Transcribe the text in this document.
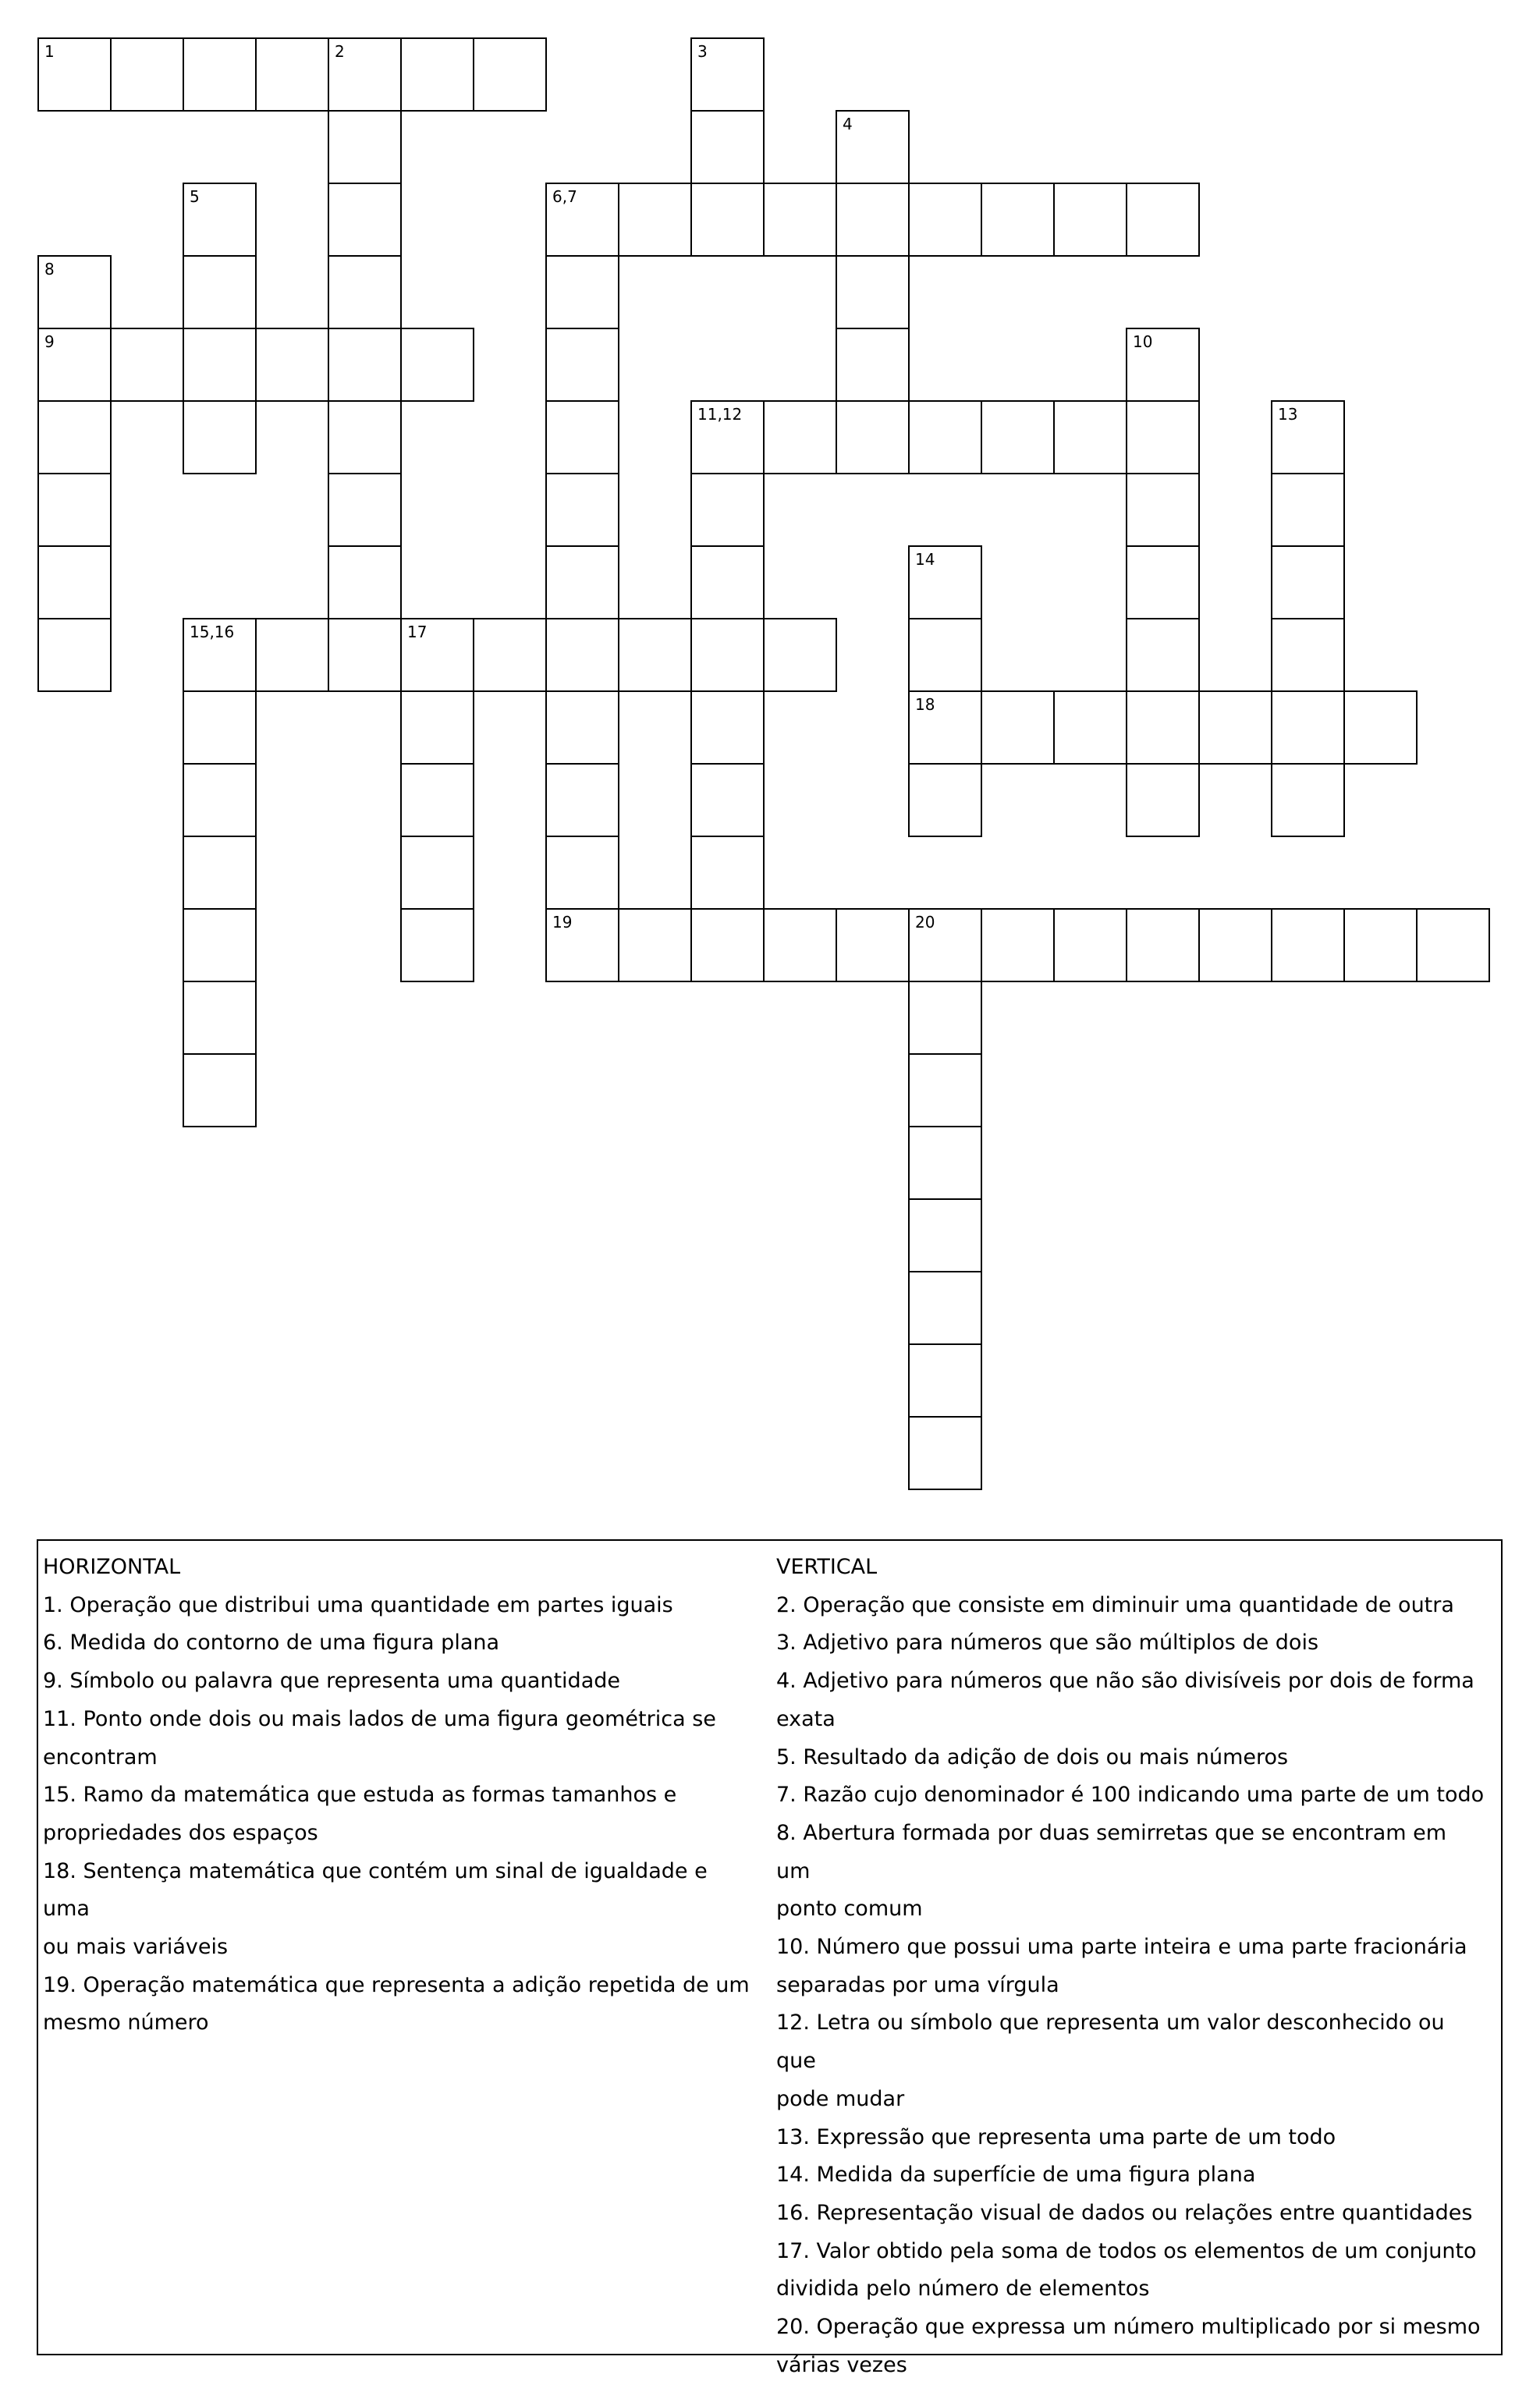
1	2	3
4
5	6,7
8
9	10
11,12	13
14
15,16	17
18
19	20

HORIZONTAL

1. Operação que distribui uma quantidade em partes iguais

6. Medida do contorno de uma figura plana

9. Símbolo ou palavra que representa uma quantidade

11. Ponto onde dois ou mais lados de uma figura geométrica se

encontram

15. Ramo da matemática que estuda as formas tamanhos e

propriedades dos espaços

18. Sentença matemática que contém um sinal de igualdade e uma

ou mais variáveis

19. Operação matemática que representa a adição repetida de um

mesmo número

VERTICAL

2. Operação que consiste em diminuir uma quantidade de outra

3. Adjetivo para números que são múltiplos de dois

4. Adjetivo para números que não são divisíveis por dois de forma

exata

5. Resultado da adição de dois ou mais números

7. Razão cujo denominador é 100 indicando uma parte de um todo

8. Abertura formada por duas semirretas que se encontram em um

ponto comum

10. Número que possui uma parte inteira e uma parte fracionária

separadas por uma vírgula

12. Letra ou símbolo que representa um valor desconhecido ou que

pode mudar

13. Expressão que representa uma parte de um todo

14. Medida da superfície de uma figura plana

16. Representação visual de dados ou relações entre quantidades

17. Valor obtido pela soma de todos os elementos de um conjunto

dividida pelo número de elementos

20. Operação que expressa um número multiplicado por si mesmo

várias vezes
